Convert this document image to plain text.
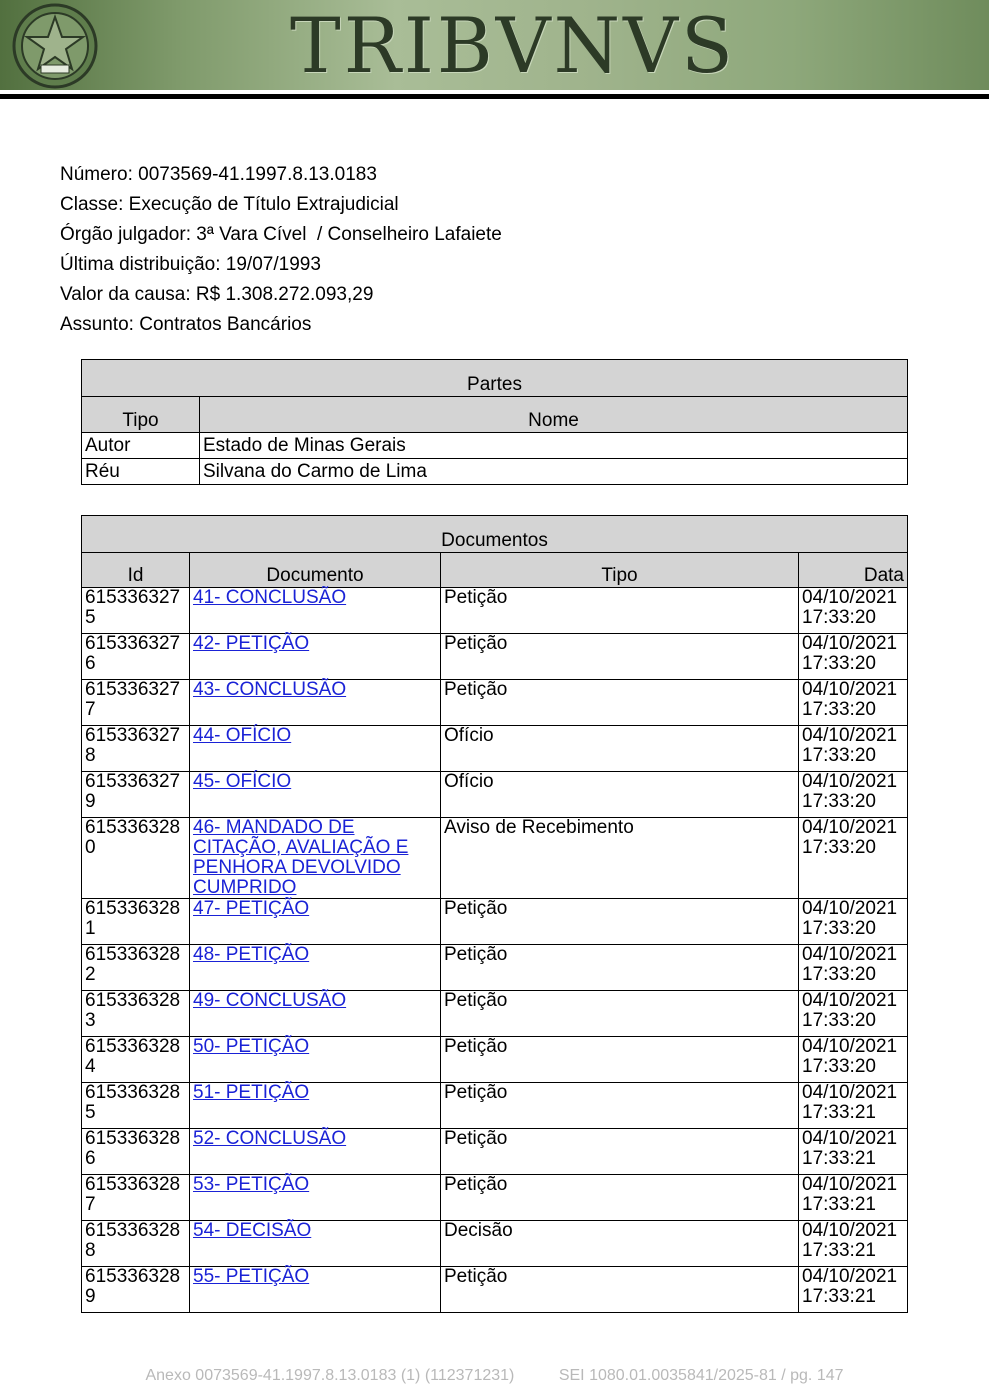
TRIBVNVS
Número: 0073569-41.1997.8.13.0183
Classe: Execução de Título Extrajudicial
Órgão julgador: 3ª Vara Cível  / Conselheiro Lafaiete
Última distribuição: 19/07/1993
Valor da causa: R$ 1.308.272.093,29
Assunto: Contratos Bancários
Partes	
Tipo	Nome
Autor	Estado de Minas Gerais
Réu	Silvana do Carmo de Lima
Documentos			
Id	Documento	Tipo	Data
6153363275	41- CONCLUSÃO	Petição	04/10/2021 17:33:20
6153363276	42- PETIÇÃO	Petição	04/10/2021 17:33:20
6153363277	43- CONCLUSÃO	Petição	04/10/2021 17:33:20
6153363278	44- OFÍCIO	Ofício	04/10/2021 17:33:20
6153363279	45- OFÍCIO	Ofício	04/10/2021 17:33:20
6153363280	46- MANDADO DE CITAÇÃO, AVALIAÇÃO E PENHORA DEVOLVIDO CUMPRIDO	Aviso de Recebimento	04/10/2021 17:33:20
6153363281	47- PETIÇÃO	Petição	04/10/2021 17:33:20
6153363282	48- PETIÇÃO	Petição	04/10/2021 17:33:20
6153363283	49- CONCLUSÃO	Petição	04/10/2021 17:33:20
6153363284	50- PETIÇÃO	Petição	04/10/2021 17:33:20
6153363285	51- PETIÇÃO	Petição	04/10/2021 17:33:21
6153363286	52- CONCLUSÃO	Petição	04/10/2021 17:33:21
6153363287	53- PETIÇÃO	Petição	04/10/2021 17:33:21
6153363288	54- DECISÃO	Decisão	04/10/2021 17:33:21
6153363289	55- PETIÇÃO	Petição	04/10/2021 17:33:21
Anexo 0073569-41.1997.8.13.0183 (1) (112371231)	SEI 1080.01.0035841/2025-81 / pg. 147
